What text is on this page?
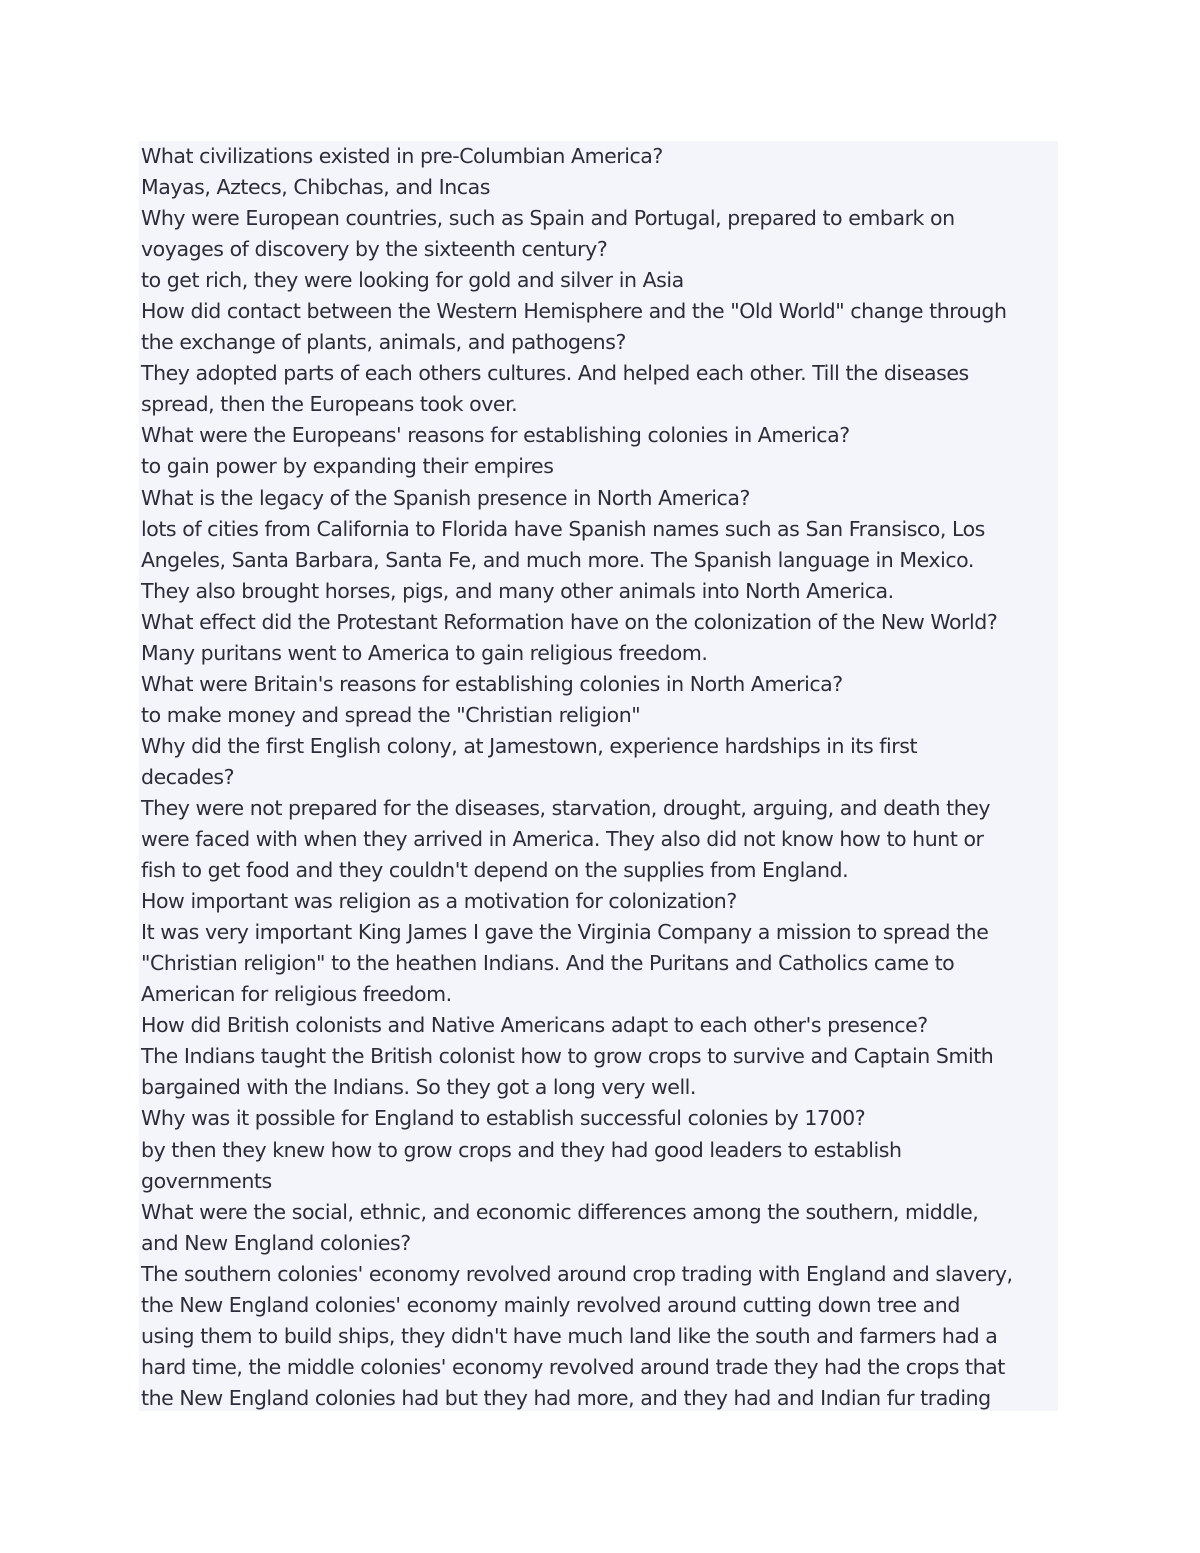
What civilizations existed in pre-Columbian America?
Mayas, Aztecs, Chibchas, and Incas
Why were European countries, such as Spain and Portugal, prepared to embark on
voyages of discovery by the sixteenth century?
to get rich, they were looking for gold and silver in Asia
How did contact between the Western Hemisphere and the "Old World" change through
the exchange of plants, animals, and pathogens?
They adopted parts of each others cultures. And helped each other. Till the diseases
spread, then the Europeans took over.
What were the Europeans' reasons for establishing colonies in America?
to gain power by expanding their empires
What is the legacy of the Spanish presence in North America?
lots of cities from California to Florida have Spanish names such as San Fransisco, Los
Angeles, Santa Barbara, Santa Fe, and much more. The Spanish language in Mexico.
They also brought horses, pigs, and many other animals into North America.
What effect did the Protestant Reformation have on the colonization of the New World?
Many puritans went to America to gain religious freedom.
What were Britain's reasons for establishing colonies in North America?
to make money and spread the "Christian religion"
Why did the first English colony, at Jamestown, experience hardships in its first
decades?
They were not prepared for the diseases, starvation, drought, arguing, and death they
were faced with when they arrived in America. They also did not know how to hunt or
fish to get food and they couldn't depend on the supplies from England.
How important was religion as a motivation for colonization?
It was very important King James I gave the Virginia Company a mission to spread the
"Christian religion" to the heathen Indians. And the Puritans and Catholics came to
American for religious freedom.
How did British colonists and Native Americans adapt to each other's presence?
The Indians taught the British colonist how to grow crops to survive and Captain Smith
bargained with the Indians. So they got a long very well.
Why was it possible for England to establish successful colonies by 1700?
by then they knew how to grow crops and they had good leaders to establish
governments
What were the social, ethnic, and economic differences among the southern, middle,
and New England colonies?
The southern colonies' economy revolved around crop trading with England and slavery,
the New England colonies' economy mainly revolved around cutting down tree and
using them to build ships, they didn't have much land like the south and farmers had a
hard time, the middle colonies' economy revolved around trade they had the crops that
the New England colonies had but they had more, and they had and Indian fur trading
